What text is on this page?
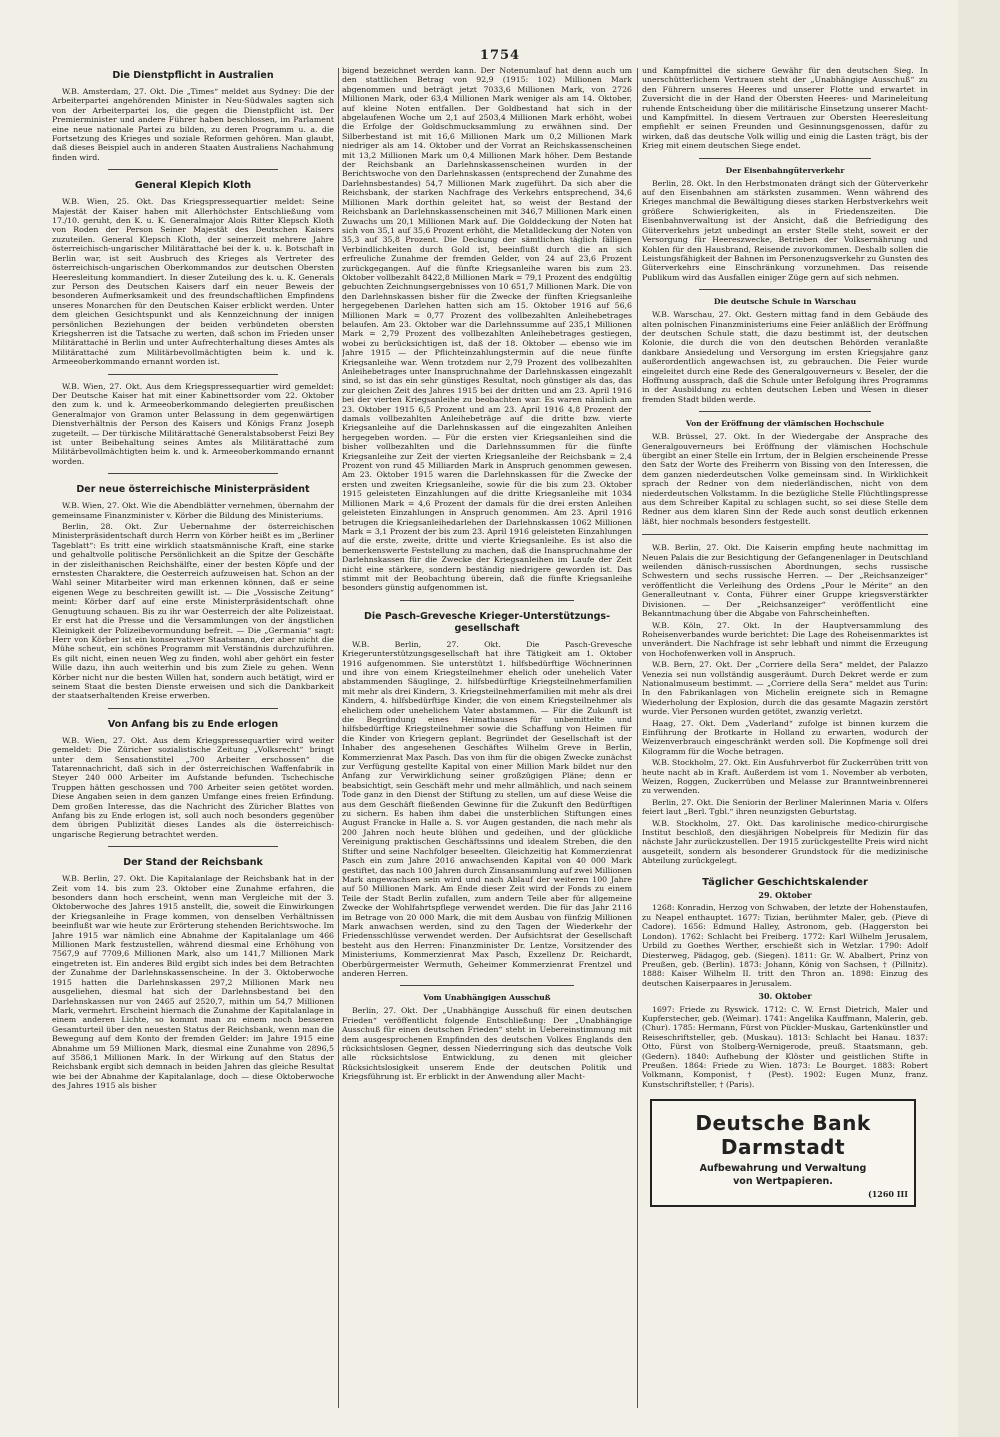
1754
Die Dienstpflicht in Australien

W.B. Amsterdam, 27. Okt. Die „Times“ meldet aus Sydney: Die der Arbeiterpartei angehörenden Minister in Neu-Südwales sagten sich von der Arbeiterpartei los, die gegen die Dienstpflicht ist. Der Premierminister und andere Führer haben beschlossen, im Parlament eine neue nationale Partei zu bilden, zu deren Programm u. a. die Fortsetzung des Krieges und soziale Reformen gehören. Man glaubt, daß dieses Beispiel auch in anderen Staaten Australiens Nachahmung finden wird.

General Klepich Kloth

W.B. Wien, 25. Okt. Das Kriegspressequartier meldet: Seine Majestät der Kaiser haben mit Allerhöchster Entschließung vom 17./10. geruht, den K. u. K. Generalmajor Alois Ritter Klepsch Kloth von Roden der Person Seiner Majestät des Deutschen Kaisers zuzuteilen. General Klepsch Kloth, der seinerzeit mehrere Jahre österreichisch-ungarischer Militärattaché bei der k. u. k. Botschaft in Berlin war, ist seit Ausbruch des Krieges als Vertreter des österreichisch-ungarischen Oberkommandos zur deutschen Obersten Heeresleitung kommandiert. In dieser Zuteilung des k. u. K. Generals zur Person des Deutschen Kaisers darf ein neuer Beweis der besonderen Aufmerksamkeit und des freundschaftlichen Empfindens unseres Monarchen für den Deutschen Kaiser erblickt werden. Unter dem gleichen Gesichtspunkt und als Kennzeichnung der innigen persönlichen Beziehungen der beiden verbündeten obersten Kriegsherren ist die Tatsache zu werten, daß schon im Frieden unser Militärattaché in Berlin und unter Aufrechterhaltung dieses Amtes als Militärattaché zum Militärbevollmächtigten beim k. und k. Armeeoberkommando ernannt worden ist.

W.B. Wien, 27. Okt. Aus dem Kriegspressequartier wird gemeldet: Der Deutsche Kaiser hat mit einer Kabinettsorder vom 22. Oktober den zum k. und k. Armeeoberkommando delegierten preußischen Generalmajor von Gramon unter Belassung in dem gegenwärtigen Dienstverhältnis der Person des Kaisers und Königs Franz Joseph zugeteilt. — Der türkische Militärattaché Generalstabsoberst Feizi Bey ist unter Beibehaltung seines Amtes als Militärattaché zum Militärbevollmächtigten beim k. und k. Armeeoberkommando ernannt worden.

Der neue österreichische Ministerpräsident

W.B. Wien, 27. Okt. Wie die Abendblätter vernehmen, übernahm der gemeinsame Finanzminister v. Körber die Bildung des Ministeriums.

Berlin, 28. Okt. Zur Uebernahme der österreichischen Ministerpräsidentschaft durch Herrn von Körber heißt es im „Berliner Tageblatt“: Es tritt eine wirklich staatsmännische Kraft, eine starke und gehaltvolle politische Persönlichkeit an die Spitze der Geschäfte in der zisleithanischen Reichshälfte, einer der besten Köpfe und der ernstesten Charaktere, die Oesterreich aufzuweisen hat. Schon an der Wahl seiner Mitarbeiter wird man erkennen können, daß er seine eigenen Wege zu beschreiten gewillt ist. — Die „Vossische Zeitung“ meint: Körber darf auf eine erste Ministerpräsidentschaft ohne Genugtuung schauen. Bis zu ihr war Oesterreich der alte Polizeistaat. Er erst hat die Presse und die Versammlungen von der ängstlichen Kleinigkeit der Polizeibevormundung befreit. — Die „Germania“ sagt: Herr von Körber ist ein konservativer Staatsmann, der aber nicht die Mühe scheut, ein schönes Programm mit Verständnis durchzuführen. Es gilt nicht, einen neuen Weg zu finden, wohl aber gehört ein fester Wille dazu, ihn auch weiterhin und bis zum Ziele zu gehen. Wenn Körber nicht nur die besten Willen hat, sondern auch betätigt, wird er seinem Staat die besten Dienste erweisen und sich die Dankbarkeit der staatserhaltenden Kreise erwerben.

Von Anfang bis zu Ende erlogen

W.B. Wien, 27. Okt. Aus dem Kriegspressequartier wird weiter gemeldet: Die Züricher sozialistische Zeitung „Volksrecht“ bringt unter dem Sensationstitel „700 Arbeiter erschossen“ die Tatarennachricht, daß sich in der österreichischen Waffenfabrik in Steyer 240 000 Arbeiter im Aufstande befunden. Tschechische Truppen hätten geschossen und 700 Arbeiter seien getötet worden. Diese Angaben seien in dem ganzen Umfange eines freien Erfindung. Dem großen Interesse, das die Nachricht des Züricher Blattes von Anfang bis zu Ende erlogen ist, soll auch noch besonders gegenüber dem übrigen Publizität dieses Landes als die österreichisch-ungarische Regierung betrachtet werden.

Der Stand der Reichsbank

W.B. Berlin, 27. Okt. Die Kapitalanlage der Reichsbank hat in der Zeit vom 14. bis zum 23. Oktober eine Zunahme erfahren, die besonders dann hoch erscheint, wenn man Vergleiche mit der 3. Oktoberwoche des Jahres 1915 anstellt, die, soweit die Einwirkungen der Kriegsanleihe in Frage kommen, von denselben Verhältnissen beeinflußt war wie heute zur Erörterung stehenden Berichtswoche. Im Jahre 1915 war nämlich eine Abnahme der Kapitalanlage um 466 Millionen Mark festzustellen, während diesmal eine Erhöhung von 7567,9 auf 7709,6 Millionen Mark, also um 141,7 Millionen Mark eingetreten ist. Ein anderes Bild ergibt sich indes bei dem Betrachten der Zunahme der Darlehnskassenscheine. In der 3. Oktoberwoche 1915 hatten die Darlehnskassen 297,2 Millionen Mark neu ausgeliehen, diesmal hat sich der Darlehnsbestand bei den Darlehnskassen nur von 2465 auf 2520,7, mithin um 54,7 Millionen Mark, vermehrt. Erscheint hiernach die Zunahme der Kapitalanlage in einem anderen Lichte, so kommt man zu einem noch besseren Gesamturteil über den neuesten Status der Reichsbank, wenn man die Bewegung auf dem Konto der fremden Gelder: im Jahre 1915 eine Abnahme um 59 Millionen Mark, diesmal eine Zunahme von 2896,5 auf 3586,1 Millionen Mark. In der Wirkung auf den Status der Reichsbank ergibt sich demnach in beiden Jahren das gleiche Resultat wie bei der Abnahme der Kapitalanlage, doch — diese Oktoberwoche des Jahres 1915 als bisher

bigend bezeichnet werden kann. Der Notenumlauf hat denn auch um den stattlichen Betrag von 92,9 (1915: 102) Millionen Mark abgenommen und beträgt jetzt 7033,6 Millionen Mark, von 2726 Millionen Mark, oder 63,4 Millionen Mark weniger als am 14. Oktober, auf kleine Noten entfallen. Der Goldbestand hat sich in der abgelaufenen Woche um 2,1 auf 2503,4 Millionen Mark erhöht, wobei die Erfolge der Goldschmucksammlung zu erwähnen sind. Der Silberbestand ist mit 16,6 Millionen Mark um 0,2 Millionen Mark niedriger als am 14. Oktober und der Vorrat an Reichskassenscheinen mit 13,2 Millionen Mark um 0,4 Millionen Mark höher. Dem Bestande der Reichsbank an Darlehnskassenscheinen wurden in der Berichtswoche von den Darlehnskassen (entsprechend der Zunahme des Darlehnsbestandes) 54,7 Millionen Mark zugeführt. Da sich aber die Reichsbank, der starken Nachfrage des Verkehrs entsprechend, 34,6 Millionen Mark dorthin geleitet hat, so weist der Bestand der Reichsbank an Darlehnskassenscheinen mit 346,7 Millionen Mark einen Zuwachs um 20,1 Millionen Mark auf. Die Golddeckung der Noten hat sich von 35,1 auf 35,6 Prozent erhöht, die Metalldeckung der Noten von 35,3 auf 35,8 Prozent. Die Deckung der sämtlichen täglich fälligen Verbindlichkeiten durch Gold ist, beeinflußt durch die an sich erfreuliche Zunahme der fremden Gelder, von 24 auf 23,6 Prozent zurückgegangen. Auf die fünfte Kriegsanleihe waren bis zum 23. Oktober vollbezahlt 8422,8 Millionen Mark = 79,1 Prozent des endgültig gebuchten Zeichnungsergebnisses von 10 651,7 Millionen Mark. Die von den Darlehnskassen bisher für die Zwecke der fünften Kriegsanleihe hergegebenen Darlehen hatten sich am 15. Oktober 1916 auf 56,6 Millionen Mark = 0,77 Prozent des vollbezahlten Anleihebetrages belaufen. Am 23. Oktober war die Darlehnssumme auf 235,1 Millionen Mark = 2,79 Prozent des vollbezahlten Anleihebetrages gestiegen, wobei zu berücksichtigen ist, daß der 18. Oktober — ebenso wie im Jahre 1915 — der Pflichteinzahlungstermin auf die neue fünfte Kriegsanleihe war. Wenn trotzdem nur 2,79 Prozent des vollbezahlten Anleihebetrages unter Inanspruchnahme der Darlehnskassen eingezahlt sind, so ist das ein sehr günstiges Resultat, noch günstiger als das, das zur gleichen Zeit des Jahres 1915 bei der dritten und am 23. April 1916 bei der vierten Kriegsanleihe zu beobachten war. Es waren nämlich am 23. Oktober 1915 6,5 Prozent und am 23. April 1916 4,8 Prozent der damals vollbezahlten Anleihebeträge auf die dritte bzw. vierte Kriegsanleihe auf die Darlehnskassen auf die eingezahlten Anleihen hergegeben worden. — Für die ersten vier Kriegsanleihen sind die bisher vollbezahlten und die Darlehnssummen für die fünfte Kriegsanleihe zur Zeit der vierten Kriegsanleihe der Reichsbank = 2,4 Prozent von rund 45 Milliarden Mark in Anspruch genommen gewesen. Am 23. Oktober 1915 waren die Darlehnskassen für die Zwecke der ersten und zweiten Kriegsanleihe, sowie für die bis zum 23. Oktober 1915 geleisteten Einzahlungen auf die dritte Kriegsanleihe mit 1034 Millionen Mark = 4,6 Prozent der damals für die drei ersten Anleihen geleisteten Einzahlungen in Anspruch genommen. Am 23. April 1916 betrugen die Kriegsanleihedarlehen der Darlehnskassen 1062 Millionen Mark = 3,1 Prozent der bis zum 23. April 1916 geleisteten Einzahlungen auf die erste, zweite, dritte und vierte Kriegsanleihe. Es ist also die bemerkenswerte Feststellung zu machen, daß die Inanspruchnahme der Darlehnskassen für die Zwecke der Kriegsanleihen im Laufe der Zeit nicht eine stärkere, sondern beständig niedrigere geworden ist. Das stimmt mit der Beobachtung überein, daß die fünfte Kriegsanleihe besonders günstig aufgenommen ist.

Die Pasch-Grevesche Krieger-Unterstützungs-gesellschaft

W.B. Berlin, 27. Okt. Die Pasch-Grevesche Kriegerunterstützungsgesellschaft hat ihre Tätigkeit am 1. Oktober 1916 aufgenommen. Sie unterstützt 1. hilfsbedürftige Wöchnerinnen und ihre von einem Kriegsteilnehmer ehelich oder unehelich Vater abstammenden Säuglinge, 2. hilfsbedürftige Kriegsteilnehmerfamilien mit mehr als drei Kindern, 3. Kriegsteilnehmerfamilien mit mehr als drei Kindern, 4. hilfsbedürftige Kinder, die von einem Kriegsteilnehmer als ehelichem oder unehelichem Vater abstammen. — Für die Zukunft ist die Begründung eines Heimathauses für unbemittelte und hilfsbedürftige Kriegsteilnehmer sowie die Schaffung von Heimen für die Kinder von Kriegern geplant. Begründet der Gesellschaft ist der Inhaber des angesehenen Geschäftes Wilhelm Greve in Berlin, Kommerzienrat Max Pasch. Das von ihm für die obigen Zwecke zunächst zur Verfügung gestellte Kapital von einer Million Mark bildet nur den Anfang zur Verwirklichung seiner großzügigen Pläne; denn er beabsichtigt, sein Geschäft mehr und mehr allmählich, und nach seinem Tode ganz in den Dienst der Stiftung zu stellen, um auf diese Weise die aus dem Geschäft fließenden Gewinne für die Zukunft den Bedürftigen zu sichern. Es haben ihm dabei die unsterblichen Stiftungen eines August Francke in Halle a. S. vor Augen gestanden, die nach mehr als 200 Jahren noch heute blühen und gedeihen, und der glückliche Vereinigung praktischen Geschäftssinns und idealem Streben, die den Stifter und seine Nachfolger beseelten. Gleichzeitig hat Kommerzienrat Pasch ein zum Jahre 2016 anwachsenden Kapital von 40 000 Mark gestiftet, das nach 100 Jahren durch Zinsansammlung auf zwei Millionen Mark angewachsen sein wird und nach Ablauf der weiteren 100 Jahre auf 50 Millionen Mark. Am Ende dieser Zeit wird der Fonds zu einem Teile der Stadt Berlin zufallen, zum andern Teile aber für allgemeine Zwecke der Wohlfahrtspflege verwendet werden. Die für das Jahr 2116 im Betrage von 20 000 Mark, die mit dem Ausbau von fünfzig Millionen Mark anwachsen werden, sind zu den Tagen der Wiederkehr der Friedensschlüsse verwendet werden. Der Aufsichtsrat der Gesellschaft besteht aus den Herren: Finanzminister Dr. Lentze, Vorsitzender des Ministeriums, Kommerzienrat Max Pasch, Exzellenz Dr. Reichardt, Oberbürgermeister Wermuth, Geheimer Kommerzienrat Frentzel und anderen Herren.

Vom Unabhängigen Ausschuß

Berlin, 27. Okt. Der „Unabhängige Ausschuß für einen deutschen Frieden“ veröffentlicht folgende Entschließung: Der „Unabhängige Ausschuß für einen deutschen Frieden“ steht in Uebereinstimmung mit dem ausgesprochenen Empfinden des deutschen Volkes Englands den rücksichtslosen Gegner, dessen Niederringung sich das deutsche Volk alle rücksichtslose Entwicklung, zu denen mit gleicher Rücksichtslosigkeit unserem Ende der deutschen Politik und Kriegsführung ist. Er erblickt in der Anwendung aller Macht-

und Kampfmittel die sichere Gewähr für den deutschen Sieg. In unerschütterlichem Vertrauen steht der „Unabhängige Ausschuß“ zu den Führern unseres Heeres und unserer Flotte und erwartet in Zuversicht die in der Hand der Obersten Heeres- und Marineleitung ruhende Entscheidung über die militärische Einsetzung unserer Macht- und Kampfmittel. In diesem Vertrauen zur Obersten Heeresleitung empfiehlt er seinen Freunden und Gesinnungsgenossen, dafür zu wirken, daß das deutsche Volk willig und einig die Lasten trägt, bis der Krieg mit einem deutschen Siege endet.

Der Eisenbahngüterverkehr

Berlin, 28. Okt. In den Herbstmonaten drängt sich der Güterverkehr auf den Eisenbahnen am stärksten zusammen. Wenn während des Krieges manchmal die Bewältigung dieses starken Herbstverkehrs weit größere Schwierigkeiten, als in Friedenszeiten. Die Eisenbahnverwaltung ist der Ansicht, daß die Befriedigung des Güterverkehrs jetzt unbedingt an erster Stelle steht, soweit er der Versorgung für Heereszwecke, Betrieben der Volksernährung und Kohlen für den Hausbrand, Reisende zuvorkommen. Deshalb sollen die Leistungsfähigkeit der Bahnen im Personenzugsverkehr zu Gunsten des Güterverkehrs eine Einschränkung vorzunehmen. Das reisende Publikum wird das Ausfallen einiger Züge gern auf sich nehmen.

Die deutsche Schule in Warschau

W.B. Warschau, 27. Okt. Gestern mittag fand in dem Gebäude des alten polnischen Finanzministeriums eine Feier anläßlich der Eröffnung der deutschen Schule statt, die dazu bestimmt ist, der deutschen Kolonie, die durch die von den deutschen Behörden veranlaßte dankbare Ansiedelung und Versorgung im ersten Kriegsjahre ganz außerordentlich angewachsen ist, zu gebrauchen. Die Feier wurde eingeleitet durch eine Rede des Generalgouverneurs v. Beseler, der die Hoffnung aussprach, daß die Schule unter Befolgung ihres Programms in der Ausbildung zu echten deutschen Leben und Wesen in dieser fremden Stadt bilden werde.

Von der Eröffnung der vlämischen Hochschule

W.B. Brüssel, 27. Okt. In der Wiedergabe der Ansprache des Generalgouverneurs bei Eröffnung der vlämischen Hochschule übergibt an einer Stelle ein Irrtum, der in Belgien erscheinende Presse den Satz der Worte des Freiherrn von Bissing von den Interessen, die dem ganzen niederdeutschen Volke gemeinsam sind. In Wirklichkeit sprach der Redner von dem niederländischen, nicht von dem niederdeutschen Volkstamm. In die bezügliche Stelle Flüchtlingspresse aus dem Schreiber Kapital zu schlagen sucht, so sei diese Stelle dem Redner aus dem klaren Sinn der Rede auch sonst deutlich erkennen läßt, hier nochmals besonders festgestellt.

W.B. Berlin, 27. Okt. Die Kaiserin empfing heute nachmittag im Neuen Palais die zur Besichtigung der Gefangenenlager in Deutschland weilenden dänisch-russischen Abordnungen, sechs russische Schwestern und sechs russische Herren. — Der „Reichsanzeiger“ veröffentlicht die Verleihung des Ordens „Pour le Mérite“ an den Generalleutnant v. Conta, Führer einer Gruppe kriegsverstärkter Divisionen. — Der „Reichsanzeiger“ veröffentlicht eine Bekanntmachung über die Abgabe von Fahrscheinheften.

W.B. Köln, 27. Okt. In der Hauptversammlung des Roheisenverbandes wurde berichtet: Die Lage des Roheisenmarktes ist unverändert. Die Nachfrage ist sehr lebhaft und nimmt die Erzeugung von Hochofenwerken voll in Anspruch.

W.B. Bern, 27. Okt. Der „Corriere della Sera“ meldet, der Palazzo Venezia sei nun vollständig ausgeräumt. Durch Dekret werde er zum Nationalmuseum bestimmt. — „Corriere della Sera“ meldet aus Turin: In den Fabrikanlagen von Michelin ereignete sich in Remagne Wiederholung der Explosion, durch die das gesamte Magazin zerstört wurde. Vier Personen wurden getötet, zwanzig verletzt.

Haag, 27. Okt. Dem „Vaderland“ zufolge ist binnen kurzem die Einführung der Brotkarte in Holland zu erwarten, wodurch der Weizenverbrauch eingeschränkt werden soll. Die Kopfmenge soll drei Kilogramm für die Woche betragen.

W.B. Stockholm, 27. Okt. Ein Ausfuhrverbot für Zuckerrüben tritt von heute nacht ab in Kraft. Außerdem ist vom 1. November ab verboten, Weizen, Roggen, Zuckerrüben und Melasse zur Branntweinbrennerei zu verwenden.

Berlin, 27. Okt. Die Seniorin der Berliner Malerinnen Maria v. Olfers feiert laut „Berl. Tgbl.“ ihren neunzigsten Geburtstag.

W.B. Stockholm, 27. Okt. Das karolinische medico-chirurgische Institut beschloß, den diesjährigen Nobelpreis für Medizin für das nächste Jahr zurückzustellen. Der 1915 zurückgestellte Preis wird nicht ausgeteilt, sondern als besonderer Grundstock für die medizinische Abteilung zurückgelegt.

Täglicher Geschichtskalender
29. Oktober

1268: Konradin, Herzog von Schwaben, der letzte der Hohenstaufen, zu Neapel enthauptet. 1677: Tizian, berühmter Maler, geb. (Pieve di Cadore). 1656: Edmund Halley, Astronom, geb. (Haggerston bei London). 1762: Schlacht bei Freiberg. 1772: Karl Wilhelm Jerusalem, Urbild zu Goethes Werther, erschießt sich in Wetzlar. 1790: Adolf Diesterweg, Pädagog, geb. (Siegen). 1811: Gr. W. Abalbert, Prinz von Preußen, geb. (Berlin). 1873: Johann, König von Sachsen, † (Pillnitz). 1888: Kaiser Wilhelm II. tritt den Thron an. 1898: Einzug des deutschen Kaiserpaares in Jerusalem.

30. Oktober

1697: Friede zu Ryswick. 1712: C. W. Ernst Dietrich, Maler und Kupferstecher, geb. (Weimar). 1741: Angelika Kauffmann, Malerin, geb. (Chur). 1785: Hermann, Fürst von Pückler-Muskau, Gartenkünstler und Reiseschriftsteller, geb. (Muskau). 1813: Schlacht bei Hanau. 1837: Otto, Fürst von Stolberg-Wernigerode, preuß. Staatsmann, geb. (Gedern). 1840: Aufhebung der Klöster und geistlichen Stifte in Preußen. 1864: Friede zu Wien. 1873: Le Bourget. 1883: Robert Volkmann, Komponist, † (Pest). 1902: Eugen Munz, franz. Kunstschriftsteller, † (Paris).

Deutsche Bank Darmstadt
Aufbewahrung und Verwaltung
von Wertpapieren.
(1260 III
